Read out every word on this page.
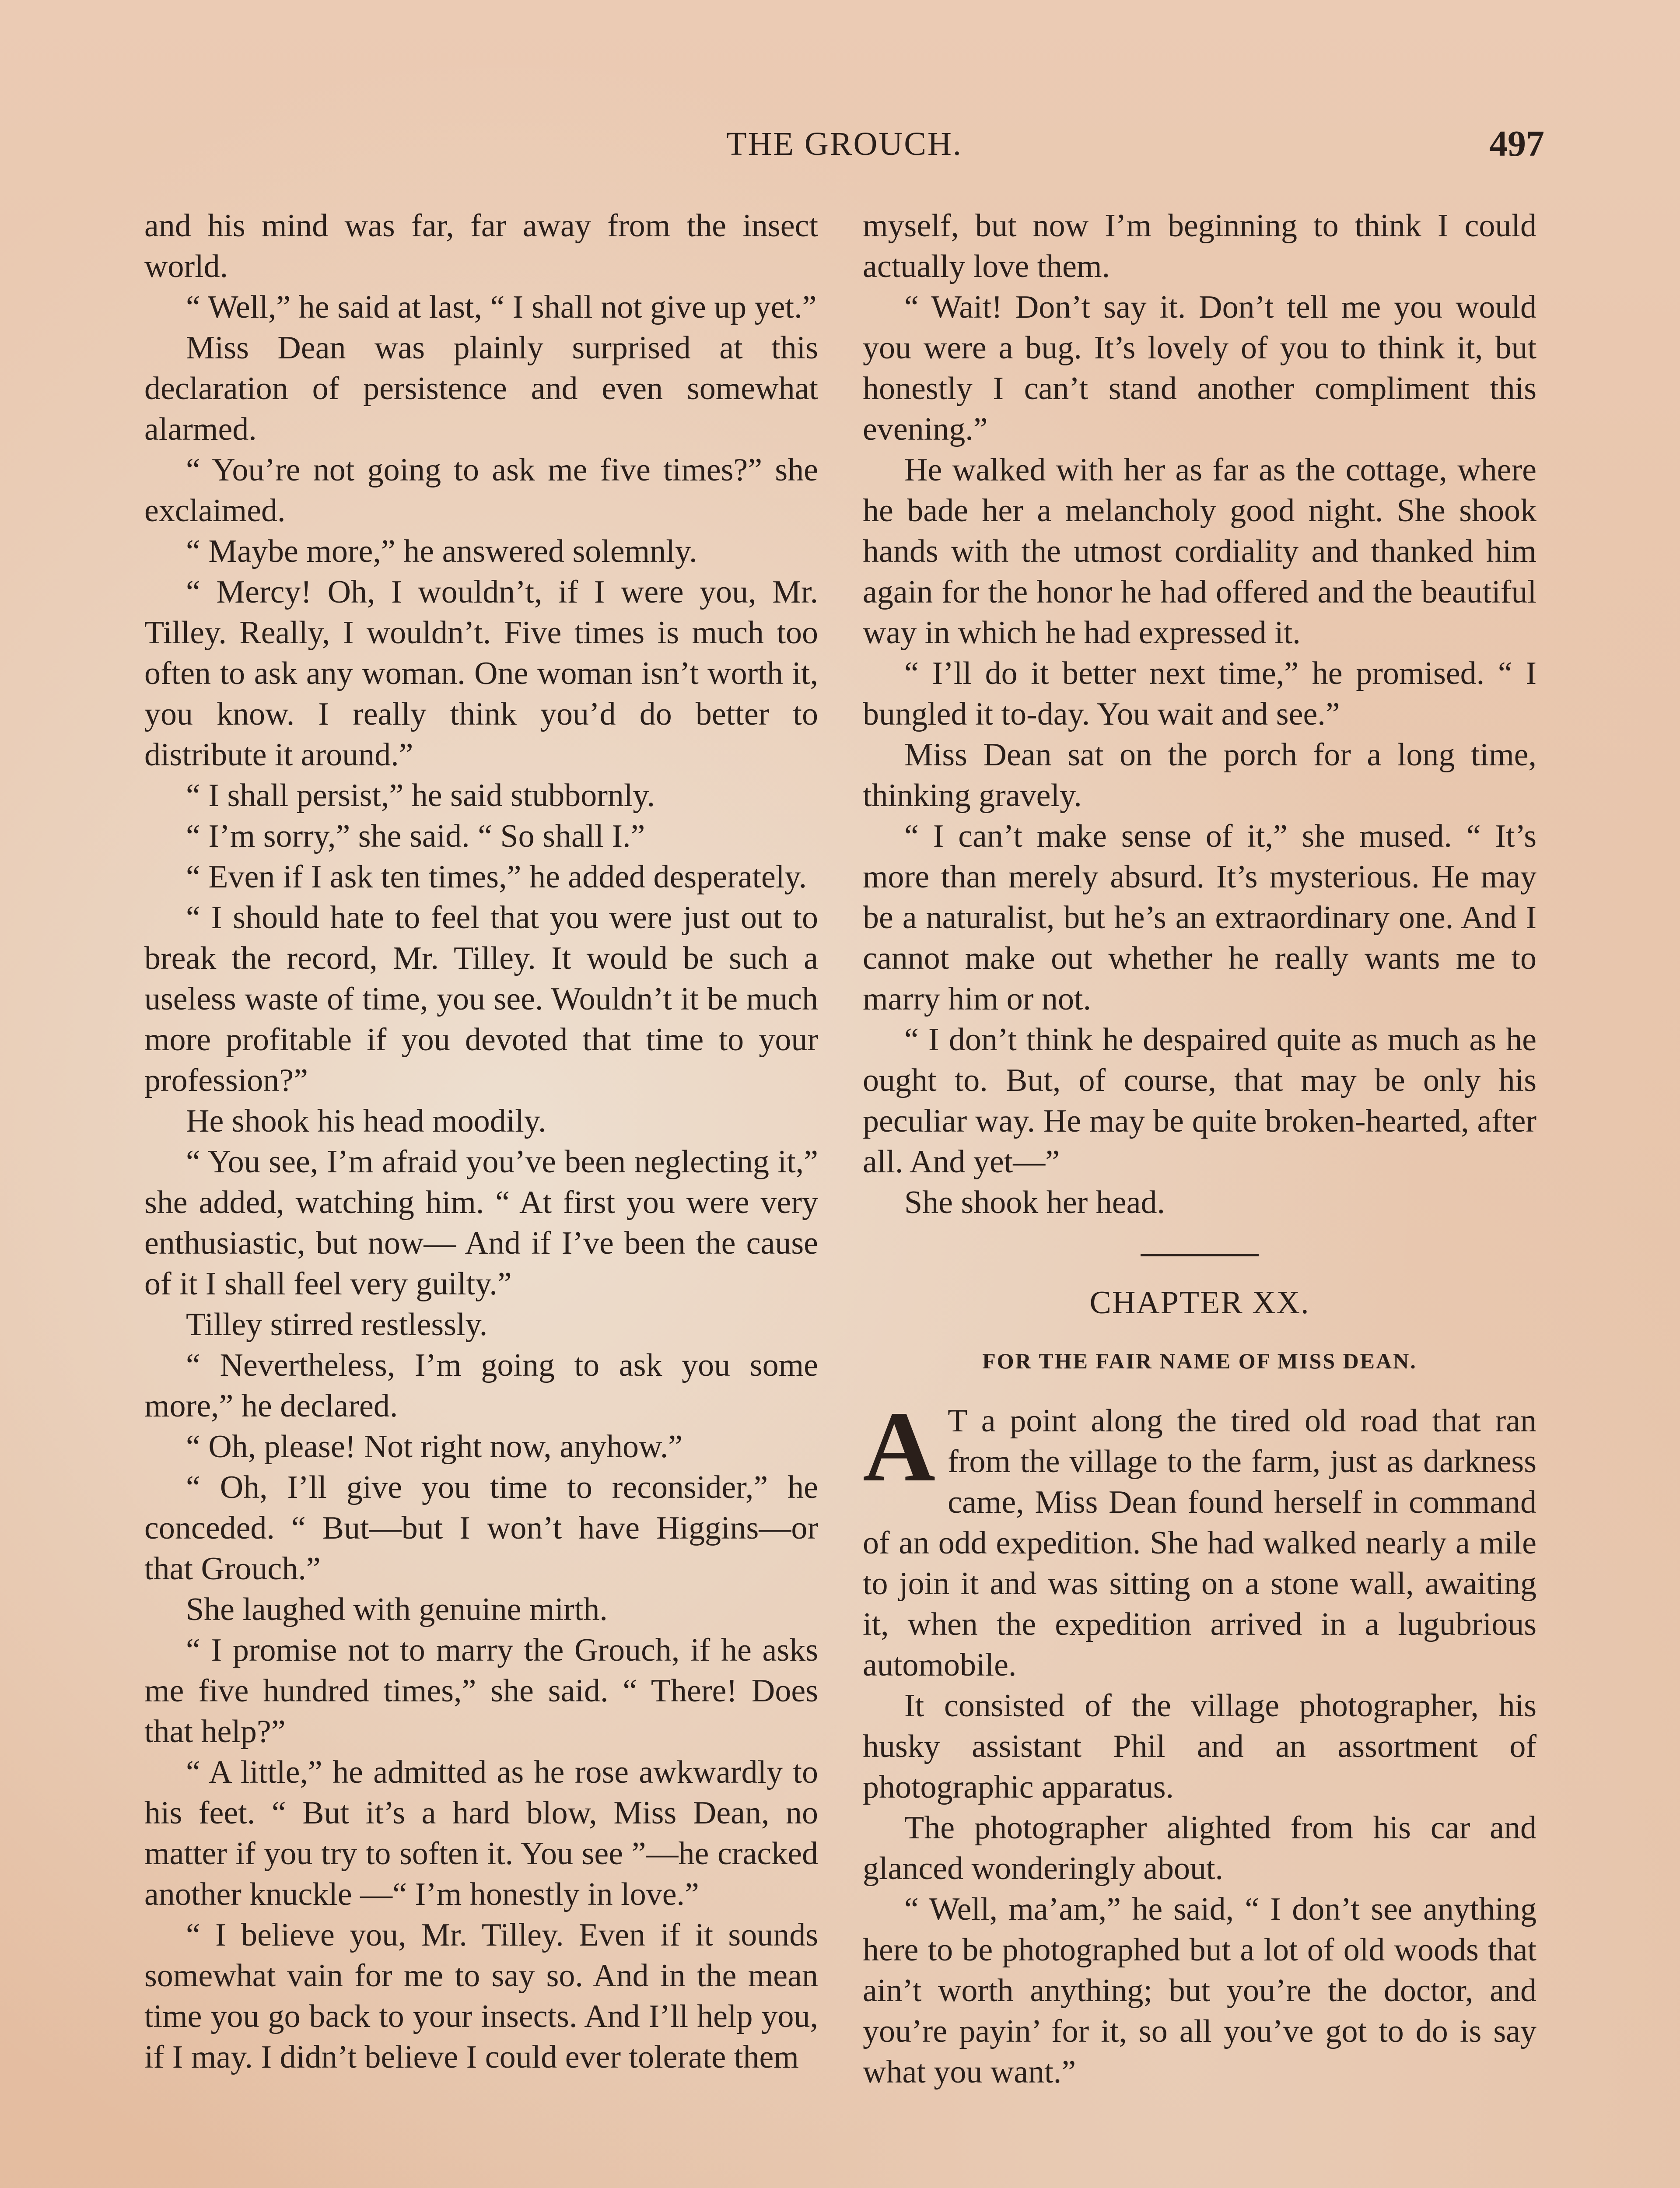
THE GROUCH.	497

and his mind was far, far away from the insect world.

“ Well,” he said at last, “ I shall not give up yet.”

Miss Dean was plainly surprised at this declaration of persistence and even somewhat alarmed.

“ You’re not going to ask me five times?” she exclaimed.

“ Maybe more,” he answered solemnly.

“ Mercy! Oh, I wouldn’t, if I were you, Mr. Tilley. Really, I wouldn’t. Five times is much too often to ask any woman. One woman isn’t worth it, you know. I really think you’d do better to distribute it around.”

“ I shall persist,” he said stubbornly.

“ I’m sorry,” she said. “ So shall I.”

“ Even if I ask ten times,” he added desperately.

“ I should hate to feel that you were just out to break the record, Mr. Tilley. It would be such a useless waste of time, you see. Wouldn’t it be much more profitable if you devoted that time to your profession?”

He shook his head moodily.

“ You see, I’m afraid you’ve been neglecting it,” she added, watching him. “ At first you were very enthusiastic, but now— And if I’ve been the cause of it I shall feel very guilty.”

Tilley stirred restlessly.

“ Nevertheless, I’m going to ask you some more,” he declared.

“ Oh, please! Not right now, anyhow.”

“ Oh, I’ll give you time to reconsider,” he conceded. “ But—but I won’t have Higgins—or that Grouch.”

She laughed with genuine mirth.

“ I promise not to marry the Grouch, if he asks me five hundred times,” she said. “ There! Does that help?”

“ A little,” he admitted as he rose awkwardly to his feet. “ But it’s a hard blow, Miss Dean, no matter if you try to soften it. You see ”—he cracked another knuckle —“ I’m honestly in love.”

“ I believe you, Mr. Tilley. Even if it sounds somewhat vain for me to say so. And in the mean time you go back to your insects. And I’ll help you, if I may. I didn’t believe I could ever tolerate them

myself, but now I’m beginning to think I could actually love them.

“ Wait! Don’t say it. Don’t tell me you would you were a bug. It’s lovely of you to think it, but honestly I can’t stand another compliment this evening.”

He walked with her as far as the cottage, where he bade her a melancholy good night. She shook hands with the utmost cordiality and thanked him again for the honor he had offered and the beautiful way in which he had expressed it.

“ I’ll do it better next time,” he promised. “ I bungled it to-day. You wait and see.”

Miss Dean sat on the porch for a long time, thinking gravely.

“ I can’t make sense of it,” she mused. “ It’s more than merely absurd. It’s mysterious. He may be a naturalist, but he’s an extraordinary one. And I cannot make out whether he really wants me to marry him or not.

“ I don’t think he despaired quite as much as he ought to. But, of course, that may be only his peculiar way. He may be quite broken-hearted, after all. And yet—”

She shook her head.

CHAPTER XX.
FOR THE FAIR NAME OF MISS DEAN.

A T a point along the tired old road that ran from the village to the farm, just as darkness came, Miss Dean found herself in command of an odd expedition. She had walked nearly a mile to join it and was sitting on a stone wall, awaiting it, when the expedition arrived in a lugubrious automobile.

It consisted of the village photographer, his husky assistant Phil and an assortment of photographic apparatus.

The photographer alighted from his car and glanced wonderingly about.

“ Well, ma’am,” he said, “ I don’t see anything here to be photographed but a lot of old woods that ain’t worth anything; but you’re the doctor, and you’re payin’ for it, so all you’ve got to do is say what you want.”
